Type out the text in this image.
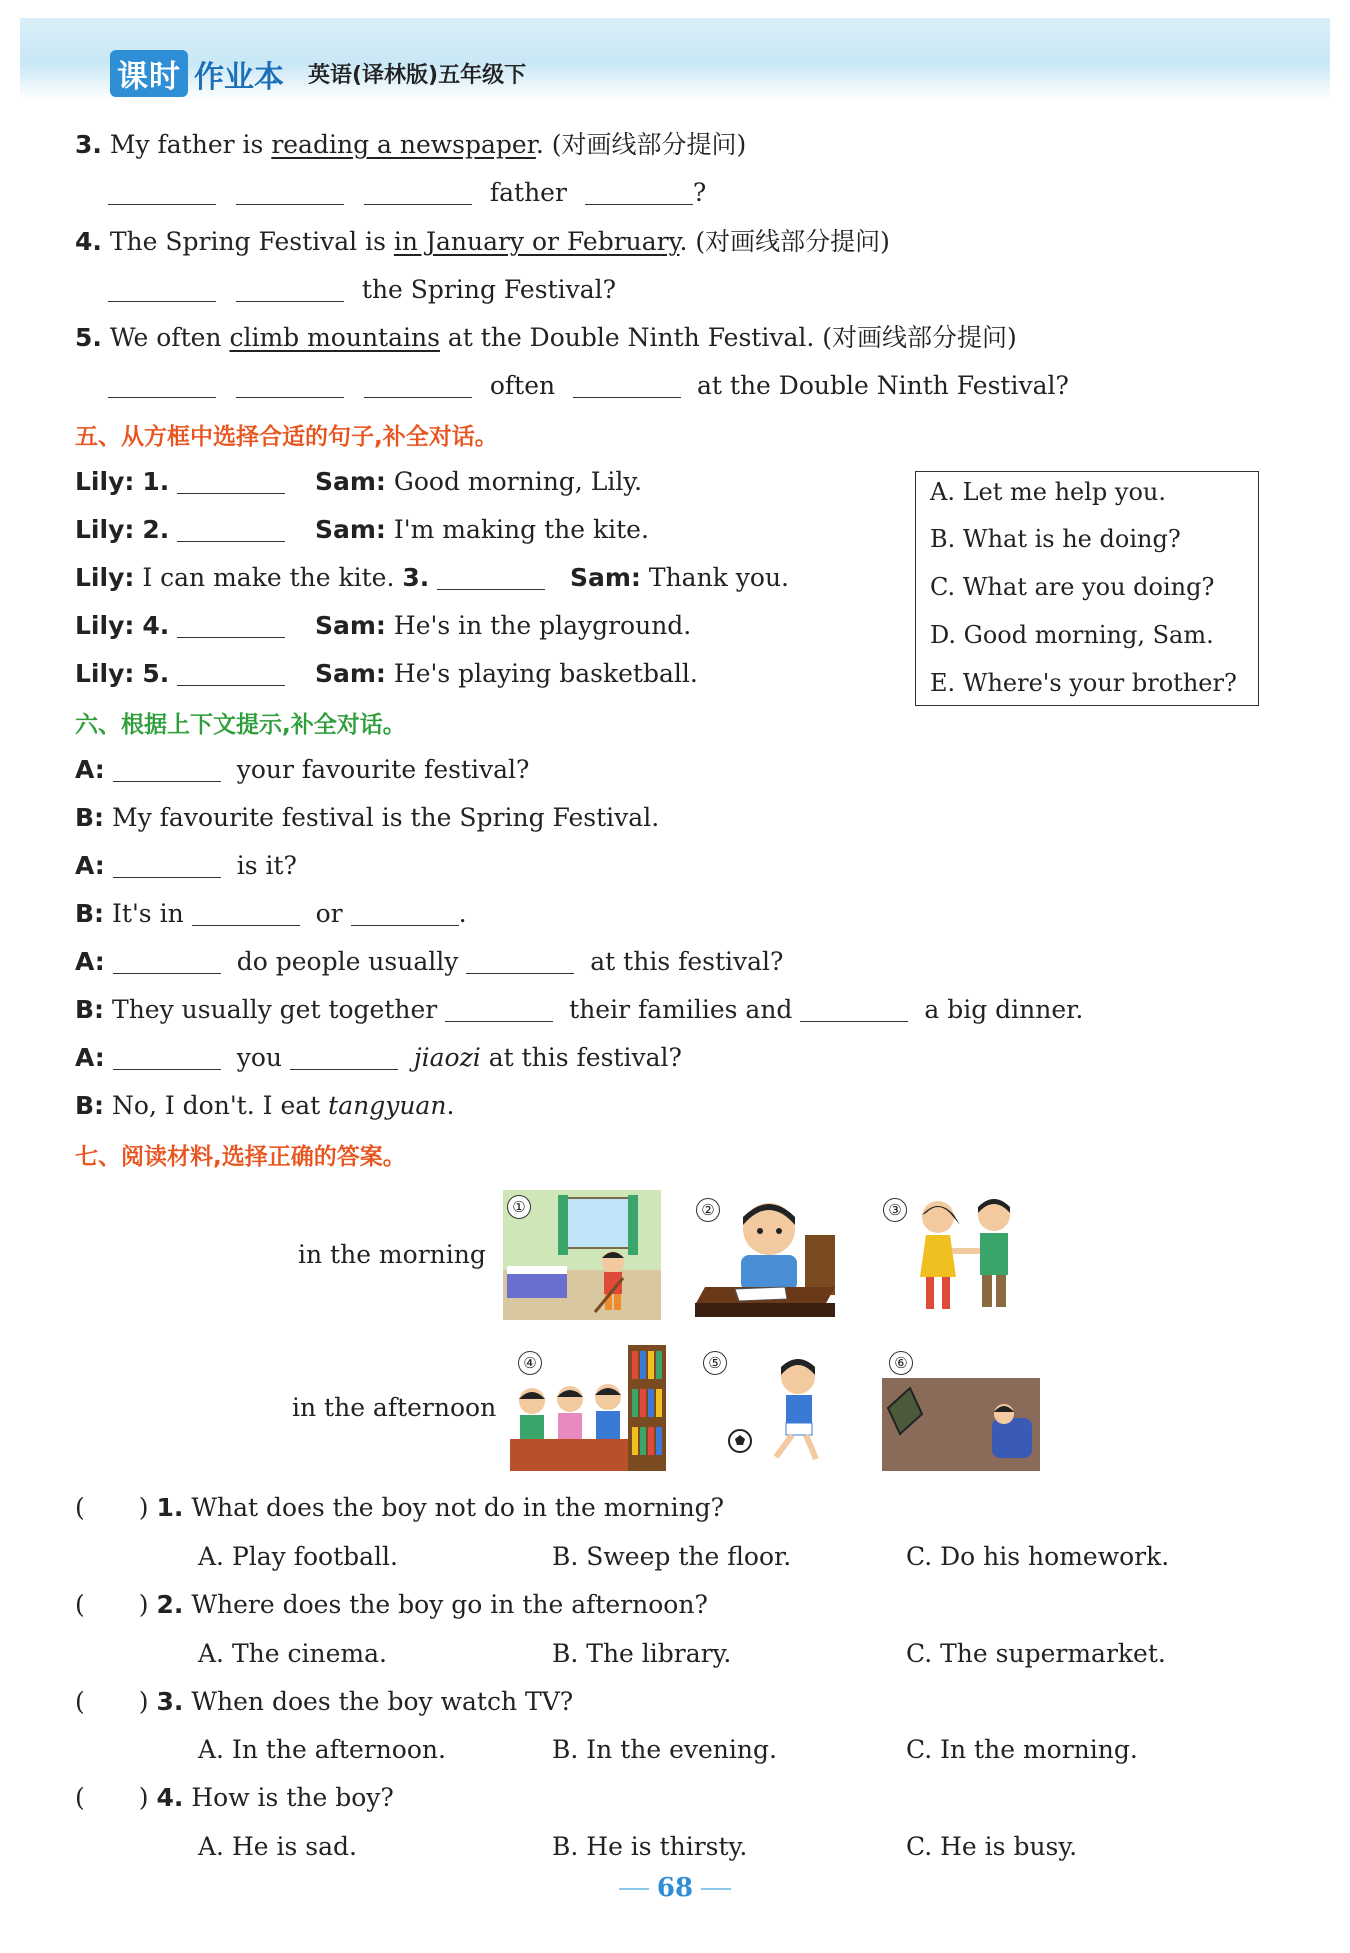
课时 作业本 英语(译林版)五年级下
3. My father is reading a newspaper. (对画线部分提问)
father	?
4. The Spring Festival is in January or February. (对画线部分提问)
the Spring Festival?
5. We often climb mountains at the Double Ninth Festival. (对画线部分提问)
often	at the Double Ninth Festival?
五、从方框中选择合适的句子,补全对话。
Lily: 1.	Sam: Good morning, Lily.
Lily: 2.	Sam: I'm making the kite.
Lily: I can make the kite. 3.	Sam: Thank you.
Lily: 4.	Sam: He's in the playground.
Lily: 5.	Sam: He's playing basketball.
A. Let me help you.
B. What is he doing?
C. What are you doing?
D. Good morning, Sam.
E. Where's your brother?
六、根据上下文提示,补全对话。
A:	your favourite festival?
B: My favourite festival is the Spring Festival.
A:	is it?
B: It's in	or	.
A:	do people usually	at this festival?
B: They usually get together	their families and	a big dinner.
A:	you	jiaozi at this festival?
B: No, I don't. I eat tangyuan.
七、阅读材料,选择正确的答案。
in the morning
in the afternoon
①	②	③
④	⑤	⑥
( ) 1. What does the boy not do in the morning?
A. Play football.	B. Sweep the floor.	C. Do his homework.
( ) 2. Where does the boy go in the afternoon?
A. The cinema.	B. The library.	C. The supermarket.
( ) 3. When does the boy watch TV?
A. In the afternoon.	B. In the evening.	C. In the morning.
( ) 4. How is the boy?
A. He is sad.	B. He is thirsty.	C. He is busy.
68
